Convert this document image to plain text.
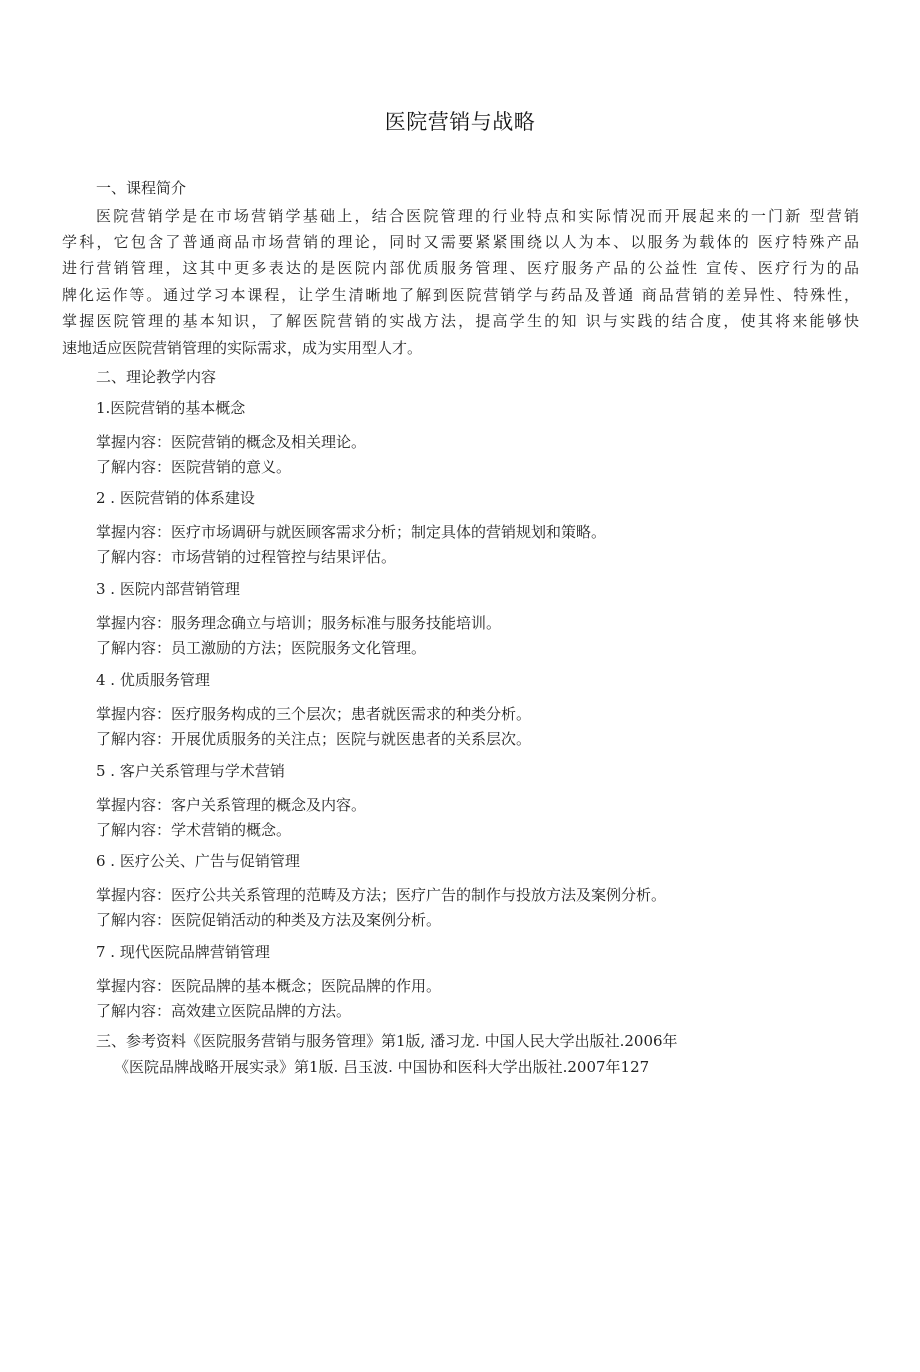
医院营销与战略
一、课程简介
医院营销学是在市场营销学基础上，结合医院管理的行业特点和实际情况而开展起来的一门新 型营销
学科，它包含了普通商品市场营销的理论，同时又需要紧紧围绕以人为本、以服务为载体的 医疗特殊产品
进行营销管理，这其中更多表达的是医院内部优质服务管理、医疗服务产品的公益性 宣传、医疗行为的品
牌化运作等。通过学习本课程，让学生清晰地了解到医院营销学与药品及普通 商品营销的差异性、特殊性，
掌握医院管理的基本知识，了解医院营销的实战方法，提高学生的知 识与实践的结合度，使其将来能够快
速地适应医院营销管理的实际需求，成为实用型人才。
二、理论教学内容
1.医院营销的基本概念
掌握内容：医院营销的概念及相关理论。
了解内容：医院营销的意义。
2 . 医院营销的体系建设
掌握内容：医疗市场调研与就医顾客需求分析；制定具体的营销规划和策略。
了解内容：市场营销的过程管控与结果评估。
3 . 医院内部营销管理
掌握内容：服务理念确立与培训；服务标准与服务技能培训。
了解内容：员工激励的方法；医院服务文化管理。
4 . 优质服务管理
掌握内容：医疗服务构成的三个层次；患者就医需求的种类分析。
了解内容：开展优质服务的关注点；医院与就医患者的关系层次。
5 . 客户关系管理与学术营销
掌握内容：客户关系管理的概念及内容。
了解内容：学术营销的概念。
6 . 医疗公关、广告与促销管理
掌握内容：医疗公共关系管理的范畴及方法；医疗广告的制作与投放方法及案例分析。
了解内容：医院促销活动的种类及方法及案例分析。
7 . 现代医院品牌营销管理
掌握内容：医院品牌的基本概念；医院品牌的作用。
了解内容：高效建立医院品牌的方法。
三、参考资料《医院服务营销与服务管理》第1版, 潘习龙. 中国人民大学出版社.2006年
《医院品牌战略开展实录》第1版. 吕玉波. 中国协和医科大学出版社.2007年127
